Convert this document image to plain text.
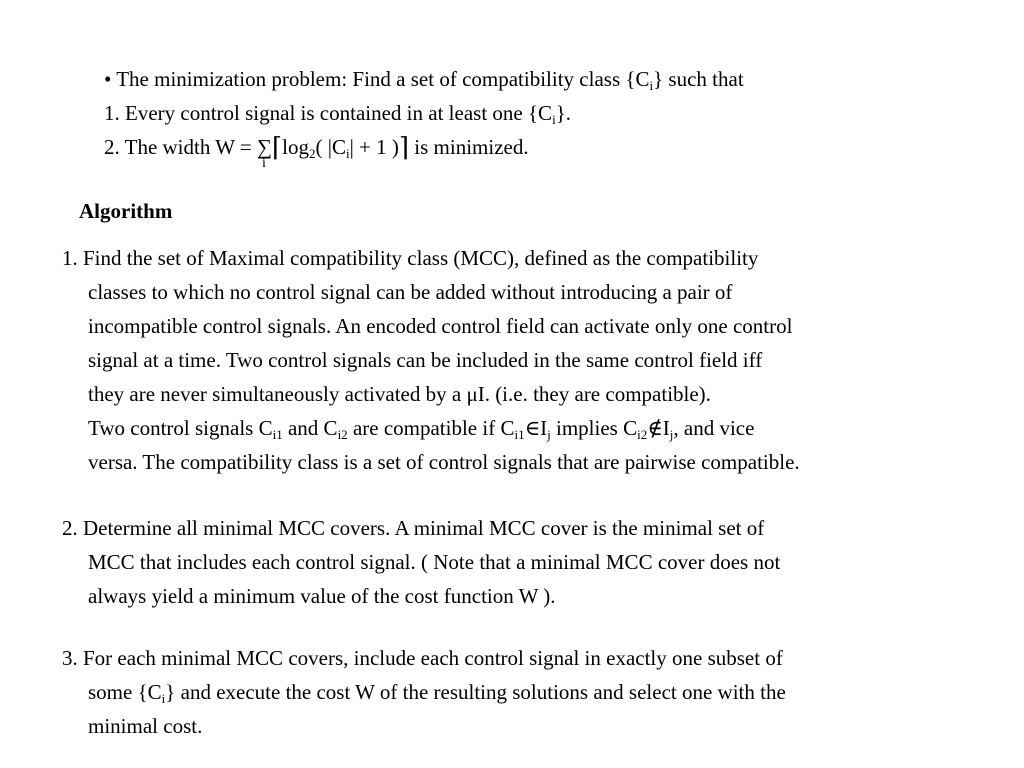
• The minimization problem: Find a set of compatibility class $\{C_i\}$ such that
1. Every control signal is contained in at least one $\{C_i\}$.
2. The width W = ∑
i
$⌈\log_2$( $|C_i| + 1$ )⌉ is minimized.
Algorithm
1. Find the set of Maximal compatibility class (MCC), defined as the compatibility
classes to which no control signal can be added without introducing a pair of
incompatible control signals. An encoded control field can activate only one control
signal at a time. Two control signals can be included in the same control field iff
they are never simultaneously activated by a μI. (i.e. they are compatible).
Two control signals $C_{i1}$ and $C_{i2}$ are compatible if $C_{i1}\in I_j$ implies $C_{i2}\notin I_j$, and vice
versa. The compatibility class is a set of control signals that are pairwise compatible.
2. Determine all minimal MCC covers. A minimal MCC cover is the minimal set of
MCC that includes each control signal. ( Note that a minimal MCC cover does not
always yield a minimum value of the cost function W ).
3. For each minimal MCC covers, include each control signal in exactly one subset of
some $\{C_i\}$ and execute the cost W of the resulting solutions and select one with the
minimal cost.
